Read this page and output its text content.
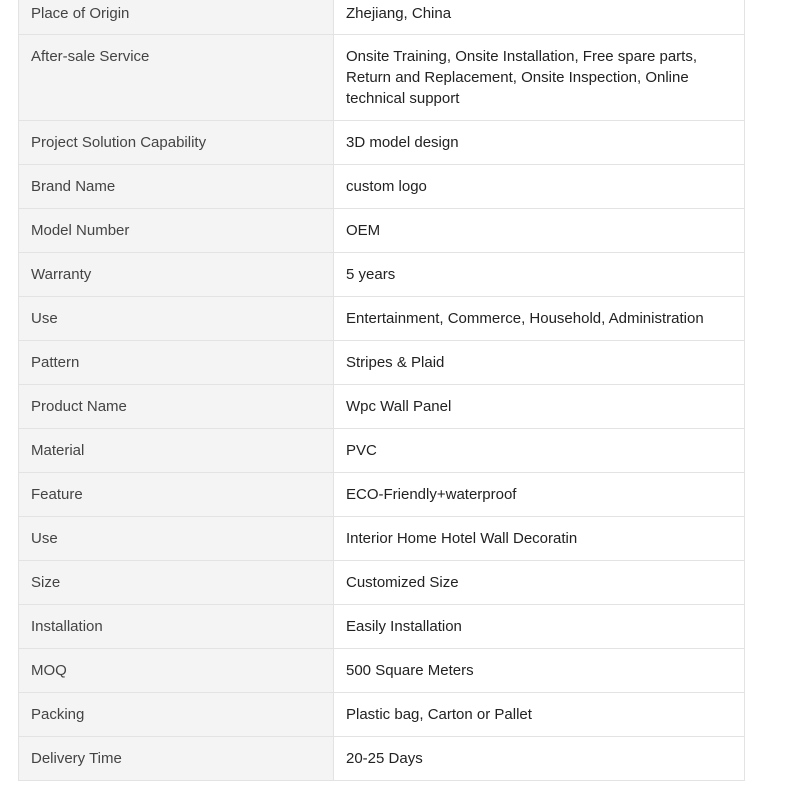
Place of Origin	Zhejiang, China
After-sale Service	Onsite Training, Onsite Installation, Free spare parts, Return and Replacement, Onsite Inspection, Online technical support
Project Solution Capability	3D model design
Brand Name	custom logo
Model Number	OEM
Warranty	5 years
Use	Entertainment, Commerce, Household, Administration
Pattern	Stripes & Plaid
Product Name	Wpc Wall Panel
Material	PVC
Feature	ECO-Friendly+waterproof
Use	Interior Home Hotel Wall Decoratin
Size	Customized Size
Installation	Easily Installation
MOQ	500 Square Meters
Packing	Plastic bag, Carton or Pallet
Delivery Time	20-25 Days
